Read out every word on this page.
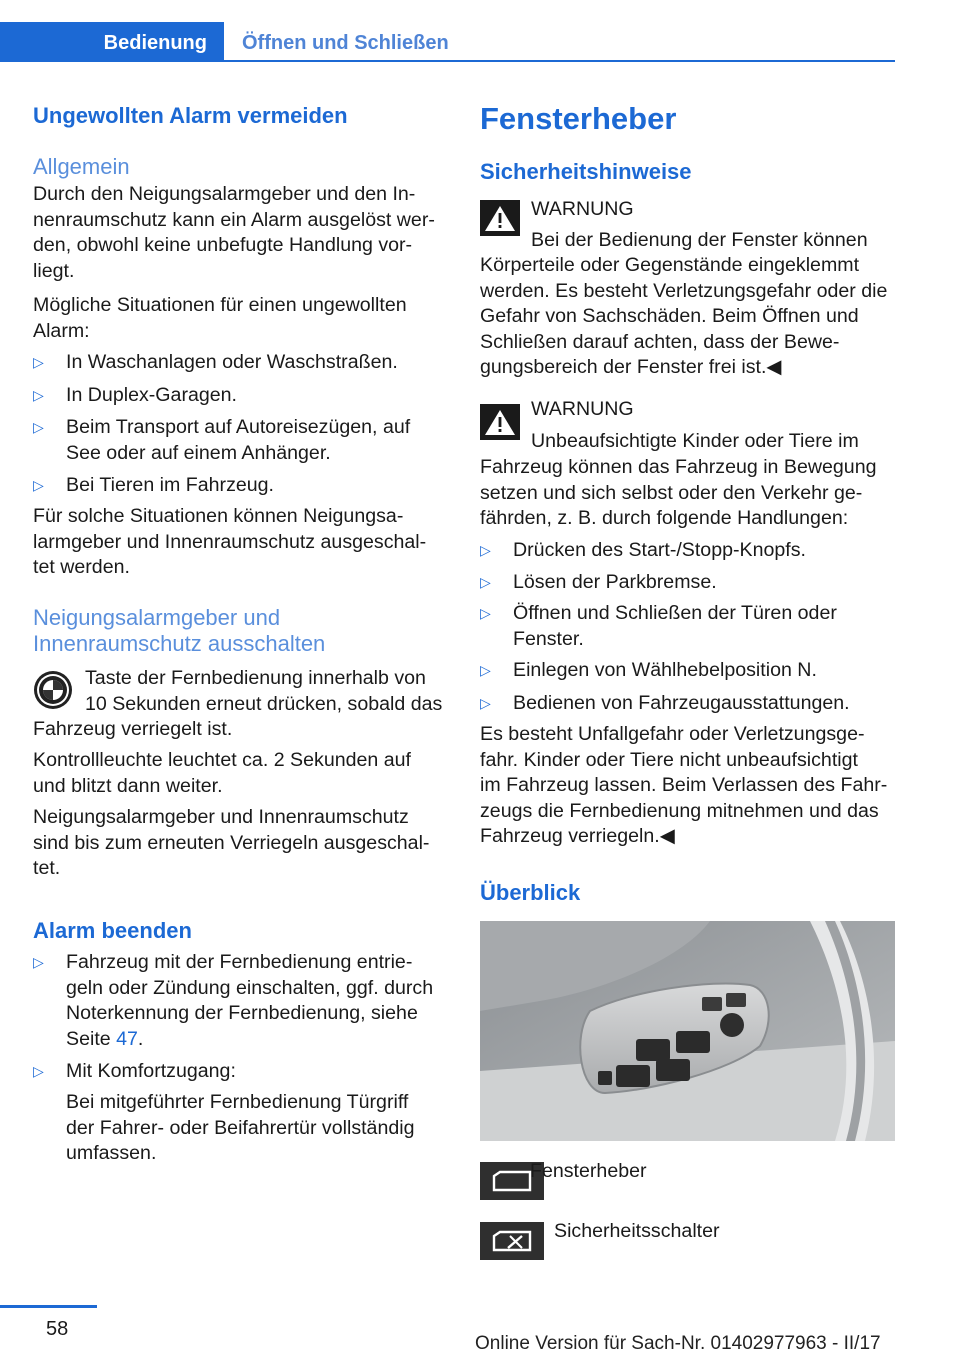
Bedienung	Öffnen und Schließen
Ungewollten Alarm vermeiden
Allgemein
Durch den Neigungsalarmgeber und den In‐
nenraumschutz kann ein Alarm ausgelöst wer‐
den, obwohl keine unbefugte Handlung vor‐
liegt.
Mögliche Situationen für einen ungewollten
Alarm:
▷ In Waschanlagen oder Waschstraßen.
▷ In Duplex-Garagen.
▷ Beim Transport auf Autoreisezügen, auf
See oder auf einem Anhänger.
▷ Bei Tieren im Fahrzeug.
Für solche Situationen können Neigungsa‐
larmgeber und Innenraumschutz ausgeschal‐
tet werden.
Neigungsalarmgeber und
Innenraumschutz ausschalten
Taste der Fernbedienung innerhalb von
10 Sekunden erneut drücken, sobald das
Fahrzeug verriegelt ist.
Kontrollleuchte leuchtet ca. 2 Sekunden auf
und blitzt dann weiter.
Neigungsalarmgeber und Innenraumschutz
sind bis zum erneuten Verriegeln ausgeschal‐
tet.
Alarm beenden
▷ Fahrzeug mit der Fernbedienung entrie‐
geln oder Zündung einschalten, ggf. durch
Noterkennung der Fernbedienung, siehe
Seite 47.
▷ Mit Komfortzugang:
Bei mitgeführter Fernbedienung Türgriff
der Fahrer- oder Beifahrertür vollständig
umfassen.
Fensterheber
Sicherheitshinweise
WARNUNG
Bei der Bedienung der Fenster können
Körperteile oder Gegenstände eingeklemmt
werden. Es besteht Verletzungsgefahr oder die
Gefahr von Sachschäden. Beim Öffnen und
Schließen darauf achten, dass der Bewe‐
gungsbereich der Fenster frei ist.◀
WARNUNG
Unbeaufsichtigte Kinder oder Tiere im
Fahrzeug können das Fahrzeug in Bewegung
setzen und sich selbst oder den Verkehr ge‐
fährden, z. B. durch folgende Handlungen:
▷ Drücken des Start-/Stopp-Knopfs.
▷ Lösen der Parkbremse.
▷ Öffnen und Schließen der Türen oder
Fenster.
▷ Einlegen von Wählhebelposition N.
▷ Bedienen von Fahrzeugausstattungen.
Es besteht Unfallgefahr oder Verletzungsge‐
fahr. Kinder oder Tiere nicht unbeaufsichtigt
im Fahrzeug lassen. Beim Verlassen des Fahr‐
zeugs die Fernbedienung mitnehmen und das
Fahrzeug verriegeln.◀
Überblick
Fensterheber
Sicherheitsschalter
58
Online Version für Sach-Nr. 01402977963 - II/17
